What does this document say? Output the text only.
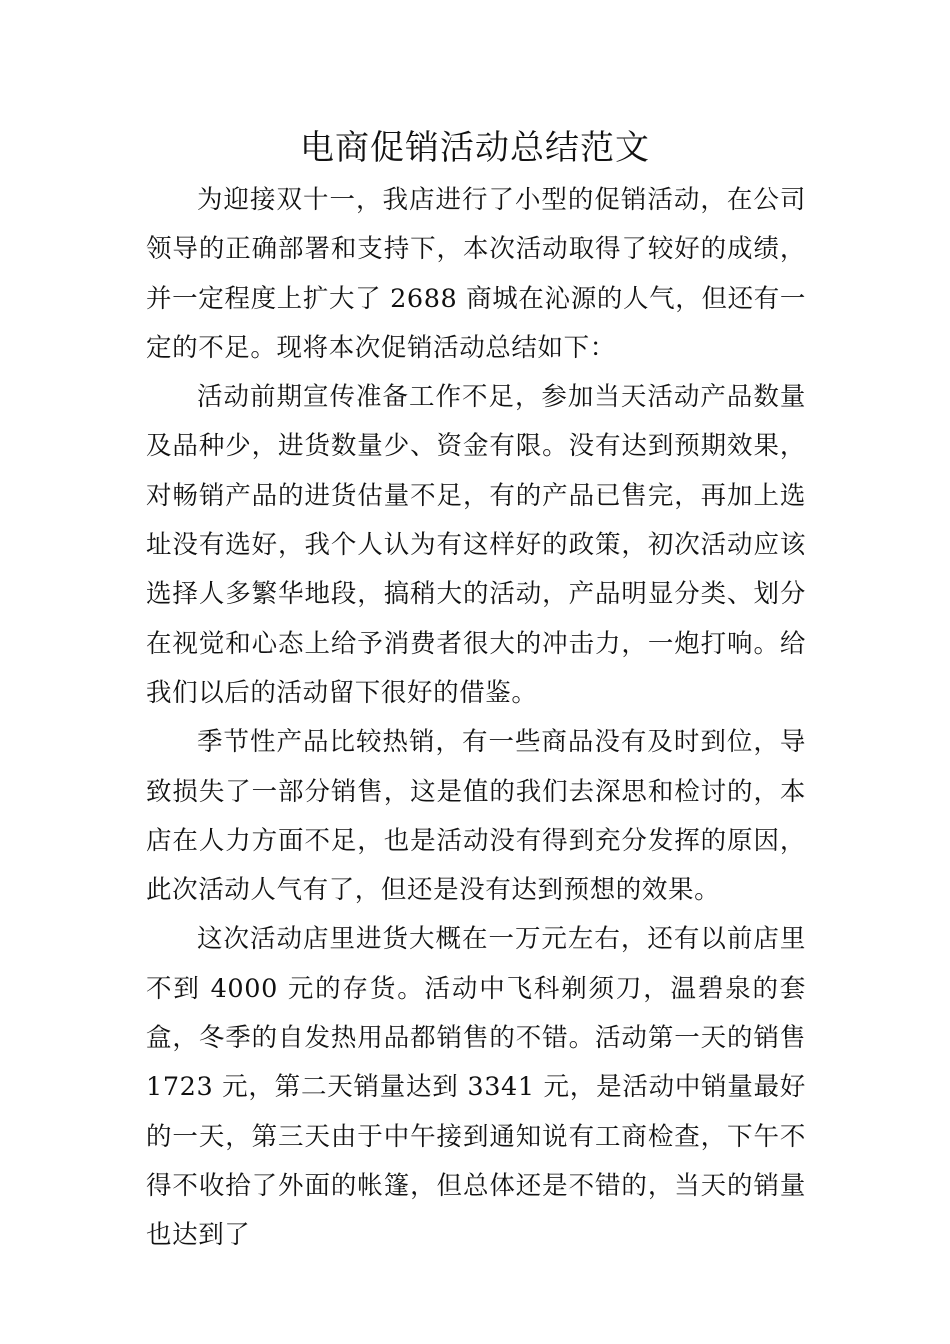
电商促销活动总结范文

为迎接双十一，我店进行了小型的促销活动，在公司领导的正确部署和支持下，本次活动取得了较好的成绩，并一定程度上扩大了 2688 商城在沁源的人气，但还有一定的不足。现将本次促销活动总结如下：

活动前期宣传准备工作不足，参加当天活动产品数量及品种少，进货数量少、资金有限。没有达到预期效果，对畅销产品的进货估量不足，有的产品已售完，再加上选址没有选好，我个人认为有这样好的政策，初次活动应该选择人多繁华地段，搞稍大的活动，产品明显分类、划分在视觉和心态上给予消费者很大的冲击力，一炮打响。给我们以后的活动留下很好的借鉴。

季节性产品比较热销，有一些商品没有及时到位，导致损失了一部分销售，这是值的我们去深思和检讨的，本店在人力方面不足，也是活动没有得到充分发挥的原因，此次活动人气有了，但还是没有达到预想的效果。

这次活动店里进货大概在一万元左右，还有以前店里不到 4000 元的存货。活动中飞科剃须刀，温碧泉的套盒，冬季的自发热用品都销售的不错。活动第一天的销售 1723 元，第二天销量达到 3341 元，是活动中销量最好的一天，第三天由于中午接到通知说有工商检查，下午不得不收拾了外面的帐篷，但总体还是不错的，当天的销量也达到了
